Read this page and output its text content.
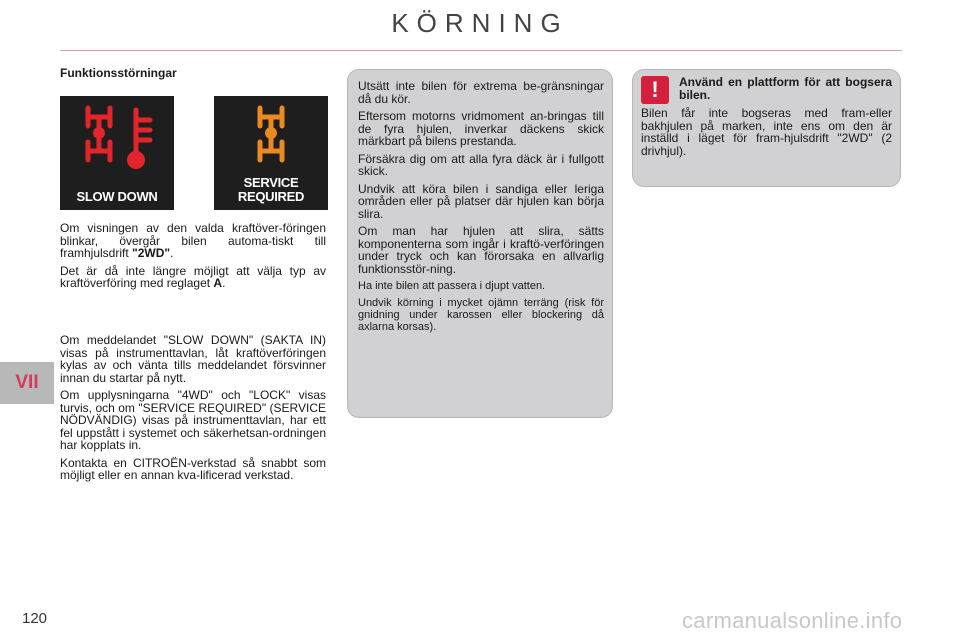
KÖRNING
VII
120
Funktionsstörningar
SLOW DOWN
SERVICE
REQUIRED

Om visningen av den valda kraftöver-föringen blinkar, övergår bilen automa-tiskt till framhjulsdrift "2WD".

Det är då inte längre möjligt att välja typ av kraftöverföring med reglaget A.

Om meddelandet "SLOW DOWN" (SAKTA IN) visas på instrumenttavlan, låt kraftöverföringen kylas av och vänta tills meddelandet försvinner innan du startar på nytt.

Om upplysningarna "4WD" och "LOCK" visas turvis, och om "SERVICE REQUIRED" (SERVICE NÖDVÄNDIG) visas på instrumenttavlan, har ett fel uppstått i systemet och säkerhetsan-ordningen har kopplats in.

Kontakta en CITROËN-verkstad så snabbt som möjligt eller en annan kva-lificerad verkstad.

Utsätt inte bilen för extrema be-gränsningar då du kör.

Eftersom motorns vridmoment an-bringas till de fyra hjulen, inverkar däckens skick märkbart på bilens prestanda.

Försäkra dig om att alla fyra däck är i fullgott skick.

Undvik att köra bilen i sandiga eller leriga områden eller på platser där hjulen kan börja slira.

Om man har hjulen att slira, sätts komponenterna som ingår i kraftö-verföringen under tryck och kan förorsaka en allvarlig funktionsstör-ning.

Ha inte bilen att passera i djupt vatten.

Undvik körning i mycket ojämn terräng (risk för gnidning under karossen eller blockering då axlarna korsas).

!	Använd en plattform för att bogsera bilen.

Bilen får inte bogseras med fram-eller bakhjulen på marken, inte ens om den är inställd i läget för fram-hjulsdrift "2WD" (2 drivhjul).

carmanualsonline.info
